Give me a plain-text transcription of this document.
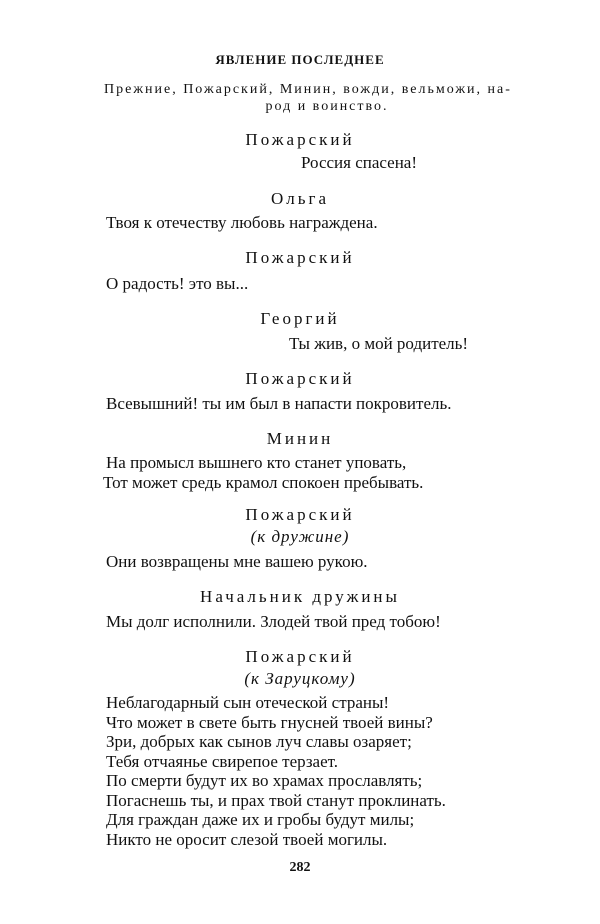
ЯВЛЕНИЕ ПОСЛЕДНЕЕ

Прежние, Пожарский, Минин, вожди, вельможи, на-
род и воинство.

Пожарский

Россия спасена!

Ольга

Твоя к отечеству любовь награждена.

Пожарский

О радость! это вы...

Георгий

Ты жив, о мой родитель!

Пожарский

Всевышний! ты им был в напасти покровитель.

Минин

На промысл вышнего кто станет уповать,

Тот может средь крамол спокоен пребывать.

Пожарский

(к дружине)

Они возвращены мне вашею рукою.

Начальник дружины

Мы долг исполнили. Злодей твой пред тобою!

Пожарский

(к Заруцкому)

Неблагодарный сын отеческой страны!
Что может в свете быть гнусней твоей вины?
Зри, добрых как сынов луч славы озаряет;
Тебя отчаянье свирепое терзает.
По смерти будут их во храмах прославлять;
Погаснешь ты, и прах твой станут проклинать.
Для граждан даже их и гробы будут милы;
Никто не оросит слезой твоей могилы.
282
